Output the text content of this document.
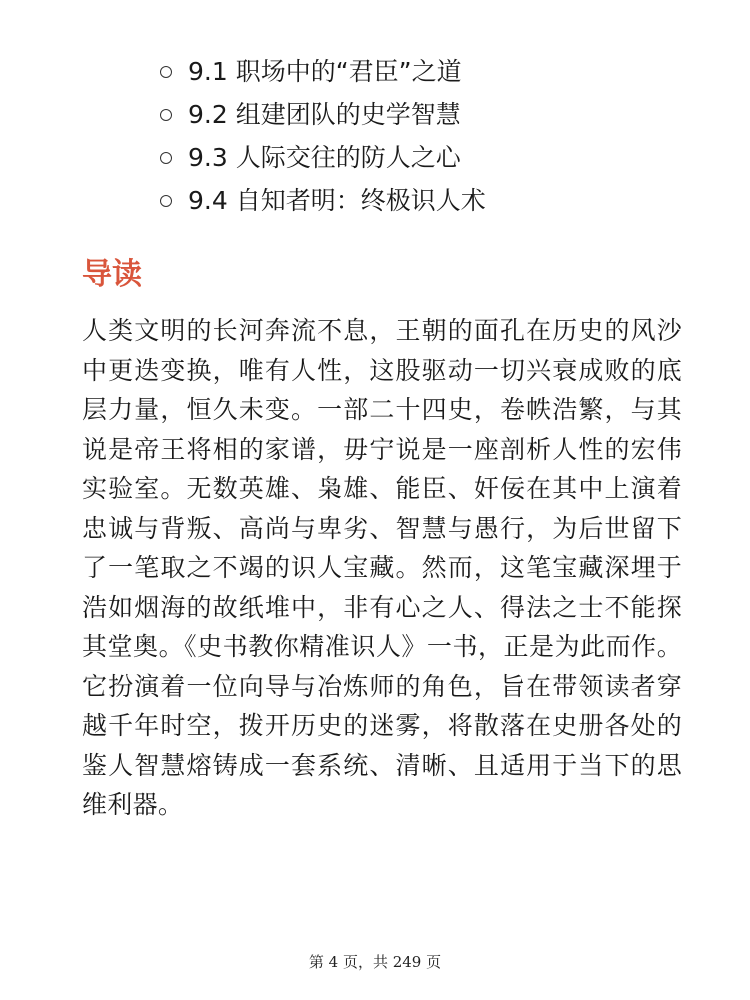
9.1 职场中的“君臣”之道
9.2 组建团队的史学智慧
9.3 人际交往的防人之心
9.4 自知者明：终极识人术
导读

人类文明的长河奔流不息，王朝的面孔在历史的风沙中更迭变换，唯有人性，这股驱动一切兴衰成败的底层力量，恒久未变。一部二十四史，卷帙浩繁，与其说是帝王将相的家谱，毋宁说是一座剖析人性的宏伟实验室。无数英雄、枭雄、能臣、奸佞在其中上演着忠诚与背叛、高尚与卑劣、智慧与愚行，为后世留下了一笔取之不竭的识人宝藏。然而，这笔宝藏深埋于浩如烟海的故纸堆中，非有心之人、得法之士不能探其堂奥。《史书教你精准识人》一书，正是为此而作。它扮演着一位向导与冶炼师的角色，旨在带领读者穿越千年时空，拨开历史的迷雾，将散落在史册各处的鉴人智慧熔铸成一套系统、清晰、且适用于当下的思维利器。

第 4 页，共 249 页
